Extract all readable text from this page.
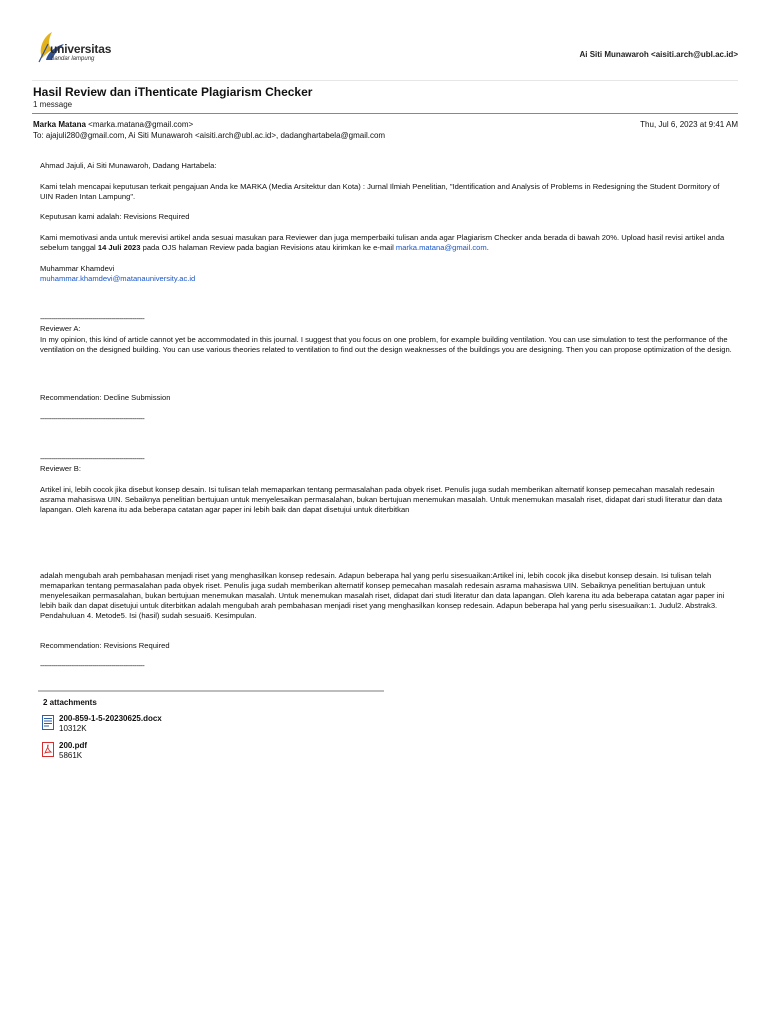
universitas
bandar lampung	Ai Siti Munawaroh <aisiti.arch@ubl.ac.id>
Hasil Review dan iThenticate Plagiarism Checker
1 message
Marka Matana <marka.matana@gmail.com>	Thu, Jul 6, 2023 at 9:41 AM
To: ajajuli280@gmail.com, Ai Siti Munawaroh <aisiti.arch@ubl.ac.id>, dadanghartabela@gmail.com

Ahmad Jajuli, Ai Siti Munawaroh, Dadang Hartabela:

Kami telah mencapai keputusan terkait pengajuan Anda ke MARKA (Media Arsitektur dan Kota) : Jurnal Ilmiah Penelitian, "Identification and Analysis of Problems in Redesigning the Student Dormitory of UIN Raden Intan Lampung".

Keputusan kami adalah: Revisions Required

Kami memotivasi anda untuk merevisi artikel anda sesuai masukan para Reviewer dan juga memperbaiki tulisan anda agar Plagiarism Checker anda berada di bawah 20%. Upload hasil revisi artikel anda sebelum tanggal 14 Juli 2023 pada OJS halaman Review pada bagian Revisions atau kirimkan ke e-mail marka.matana@gmail.com.

Muhammar Khamdevi

muhammar.khamdevi@matanauniversity.ac.id

------------------------------------------------------

Reviewer A:

In my opinion, this kind of article cannot yet be accommodated in this journal. I suggest that you focus on one problem, for example building ventilation. You can use simulation to test the performance of the ventilation on the designed building. You can use various theories related to ventilation to find out the design weaknesses of the buildings you are designing. Then you can propose optimization of the design.

Recommendation: Decline Submission

------------------------------------------------------

------------------------------------------------------

Reviewer B:

Artikel ini, lebih cocok jika disebut konsep desain. Isi tulisan telah memaparkan tentang permasalahan pada obyek riset. Penulis juga sudah memberikan alternatif konsep pemecahan masalah redesain asrama mahasiswa UIN. Sebaiknya penelitian bertujuan untuk menyelesaikan permasalahan, bukan bertujuan menemukan masalah. Untuk menemukan masalah riset, didapat dari studi literatur dan data lapangan. Oleh karena itu ada beberapa catatan agar paper ini lebih baik dan dapat disetujui untuk diterbitkan

adalah mengubah arah pembahasan menjadi riset yang menghasilkan konsep redesain. Adapun beberapa hal yang perlu sisesuaikan:Artikel ini, lebih cocok jika disebut konsep desain. Isi tulisan telah memaparkan tentang permasalahan pada obyek riset. Penulis juga sudah memberikan alternatif konsep pemecahan masalah redesain asrama mahasiswa UIN. Sebaiknya penelitian bertujuan untuk menyelesaikan permasalahan, bukan bertujuan menemukan masalah. Untuk menemukan masalah riset, didapat dari studi literatur dan data lapangan. Oleh karena itu ada beberapa catatan agar paper ini lebih baik dan dapat disetujui untuk diterbitkan adalah mengubah arah pembahasan menjadi riset yang menghasilkan konsep redesain. Adapun beberapa hal yang perlu sisesuaikan:1. Judul2. Abstrak3. Pendahuluan 4. Metode5. Isi (hasil) sudah sesuai6. Kesimpulan.

Recommendation: Revisions Required

------------------------------------------------------

2 attachments
200-859-1-5-20230625.docx
10312K
200.pdf
5861K
